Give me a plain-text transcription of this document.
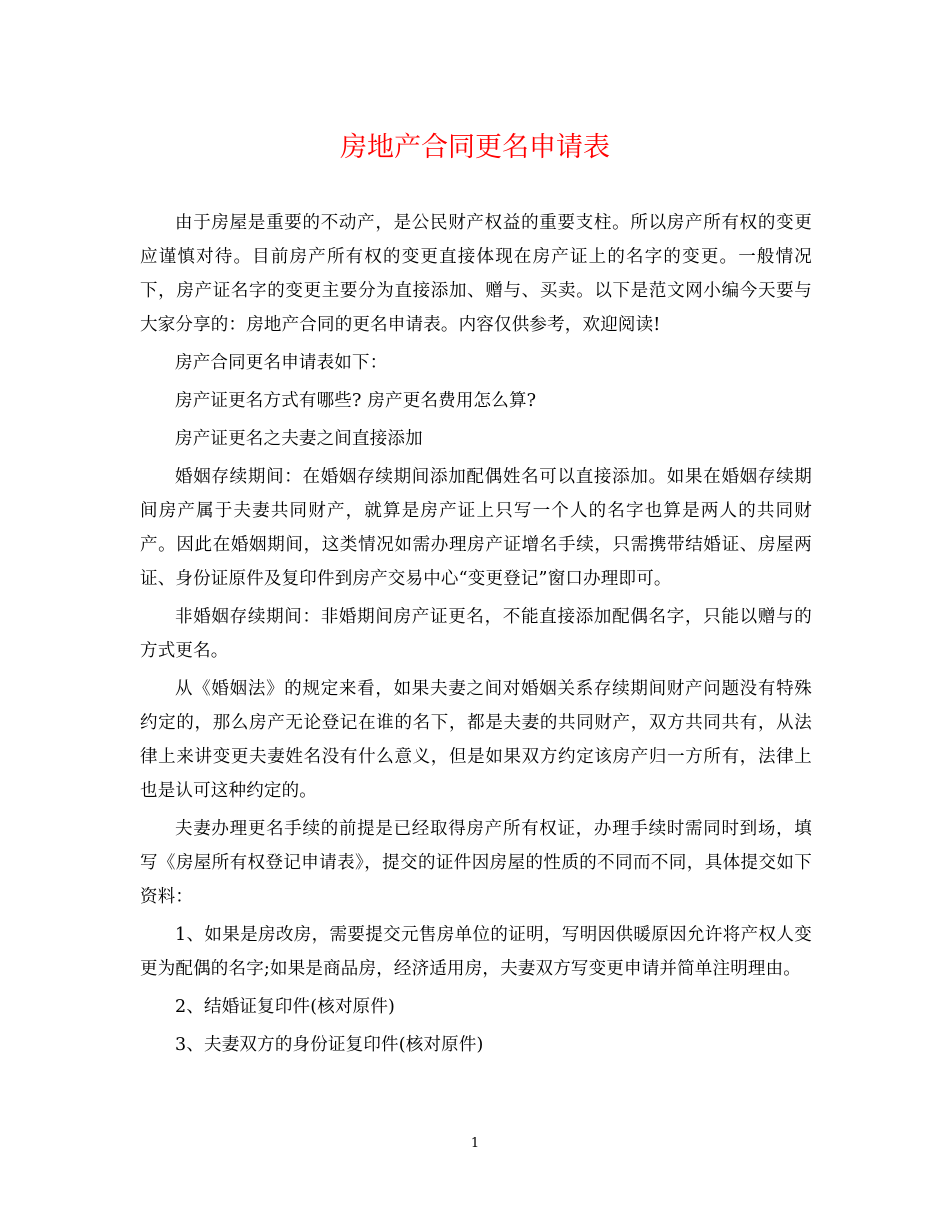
房地产合同更名申请表

由于房屋是重要的不动产，是公民财产权益的重要支柱。所以房产所有权的变更应谨慎对待。目前房产所有权的变更直接体现在房产证上的名字的变更。一般情况下，房产证名字的变更主要分为直接添加、赠与、买卖。以下是范文网小编今天要与大家分享的：房地产合同的更名申请表。内容仅供参考，欢迎阅读!

房产合同更名申请表如下：

房产证更名方式有哪些? 房产更名费用怎么算?

房产证更名之夫妻之间直接添加

婚姻存续期间：在婚姻存续期间添加配偶姓名可以直接添加。如果在婚姻存续期间房产属于夫妻共同财产，就算是房产证上只写一个人的名字也算是两人的共同财产。因此在婚姻期间，这类情况如需办理房产证增名手续，只需携带结婚证、房屋两证、身份证原件及复印件到房产交易中心“变更登记”窗口办理即可。

非婚姻存续期间：非婚期间房产证更名，不能直接添加配偶名字，只能以赠与的方式更名。

从《婚姻法》的规定来看，如果夫妻之间对婚姻关系存续期间财产问题没有特殊约定的，那么房产无论登记在谁的名下，都是夫妻的共同财产，双方共同共有，从法律上来讲变更夫妻姓名没有什么意义，但是如果双方约定该房产归一方所有，法律上也是认可这种约定的。

夫妻办理更名手续的前提是已经取得房产所有权证，办理手续时需同时到场，填写《房屋所有权登记申请表》，提交的证件因房屋的性质的不同而不同，具体提交如下资料：

1、如果是房改房，需要提交元售房单位的证明，写明因供暖原因允许将产权人变更为配偶的名字;如果是商品房，经济适用房，夫妻双方写变更申请并简单注明理由。

2、结婚证复印件(核对原件)

3、夫妻双方的身份证复印件(核对原件)

1
